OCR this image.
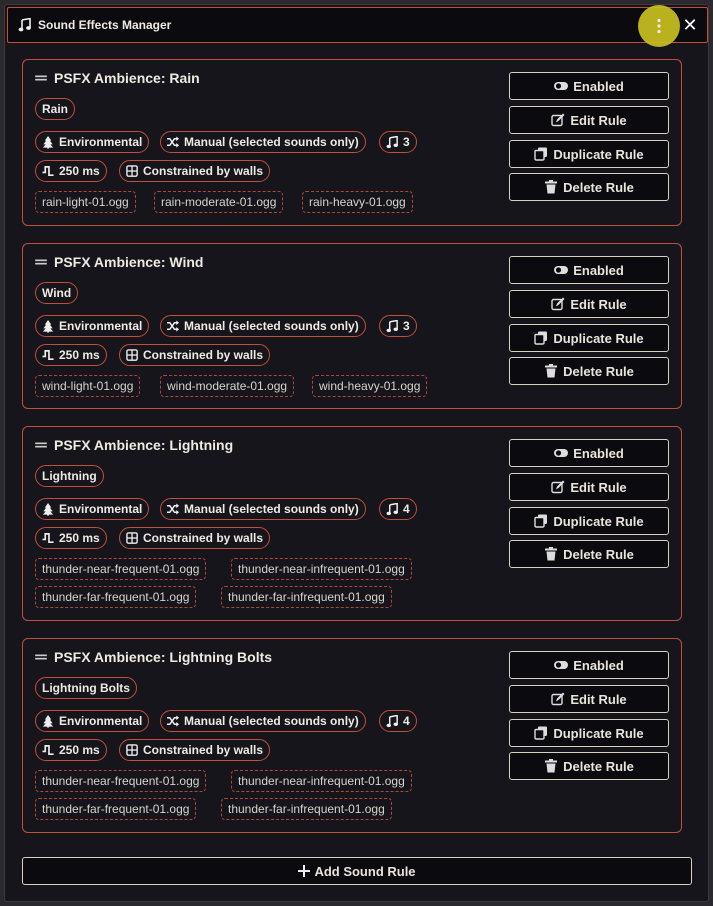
Sound Effects Manager	✕
PSFX Ambience: Rain
Rain
Environmental	Manual (selected sounds only)	3
250 ms	Constrained by walls
rain-light-01.ogg	rain-moderate-01.ogg	rain-heavy-01.ogg
Enabled
Edit Rule
Duplicate Rule
Delete Rule
PSFX Ambience: Wind
Wind
Environmental	Manual (selected sounds only)	3
250 ms	Constrained by walls
wind-light-01.ogg	wind-moderate-01.ogg	wind-heavy-01.ogg
Enabled
Edit Rule
Duplicate Rule
Delete Rule
PSFX Ambience: Lightning
Lightning
Environmental	Manual (selected sounds only)	4
250 ms	Constrained by walls
thunder-near-frequent-01.ogg	thunder-near-infrequent-01.ogg
thunder-far-frequent-01.ogg	thunder-far-infrequent-01.ogg
Enabled
Edit Rule
Duplicate Rule
Delete Rule
PSFX Ambience: Lightning Bolts
Lightning Bolts
Environmental	Manual (selected sounds only)	4
250 ms	Constrained by walls
thunder-near-frequent-01.ogg	thunder-near-infrequent-01.ogg
thunder-far-frequent-01.ogg	thunder-far-infrequent-01.ogg
Enabled
Edit Rule
Duplicate Rule
Delete Rule
Add Sound Rule
